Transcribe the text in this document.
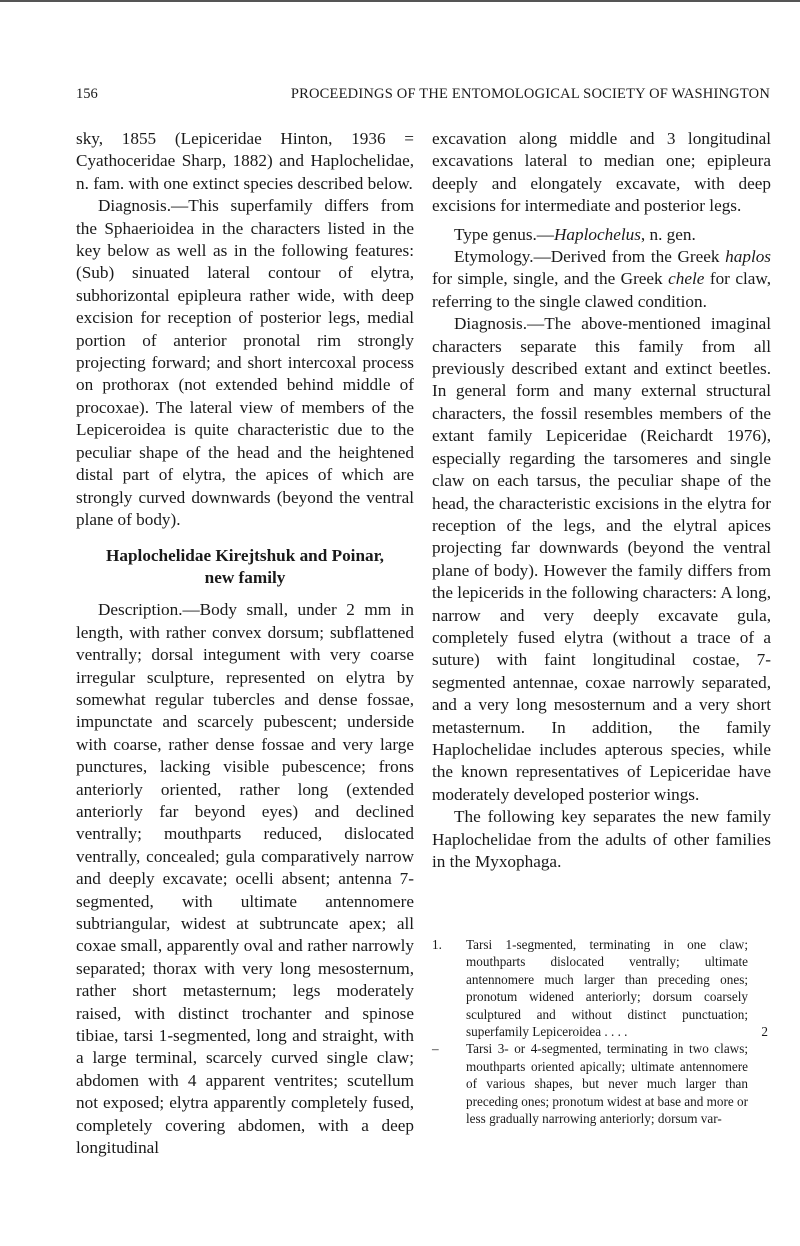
156	PROCEEDINGS OF THE ENTOMOLOGICAL SOCIETY OF WASHINGTON

sky, 1855 (Lepiceridae Hinton, 1936 = Cyathoceridae Sharp, 1882) and Haplochelidae, n. fam. with one extinct species described below.

Diagnosis.—This superfamily differs from the Sphaerioidea in the characters listed in the key below as well as in the following features: (Sub) sinuated lateral contour of elytra, subhorizontal epipleura rather wide, with deep excision for reception of posterior legs, medial portion of anterior pronotal rim strongly projecting forward; and short intercoxal process on prothorax (not extended behind middle of procoxae). The lateral view of members of the Lepiceroidea is quite characteristic due to the peculiar shape of the head and the heightened distal part of elytra, the apices of which are strongly curved downwards (beyond the ventral plane of body).

Haplochelidae Kirejtshuk and Poinar,
new family

Description.—Body small, under 2 mm in length, with rather convex dorsum; subflattened ventrally; dorsal integument with very coarse irregular sculpture, represented on elytra by somewhat regular tubercles and dense fossae, impunctate and scarcely pubescent; underside with coarse, rather dense fossae and very large punctures, lacking visible pubescence; frons anteriorly oriented, rather long (extended anteriorly far beyond eyes) and declined ventrally; mouthparts reduced, dislocated ventrally, concealed; gula comparatively narrow and deeply excavate; ocelli absent; antenna 7-segmented, with ultimate antennomere subtriangular, widest at subtruncate apex; all coxae small, apparently oval and rather narrowly separated; thorax with very long mesosternum, rather short metasternum; legs moderately raised, with distinct trochanter and spinose tibiae, tarsi 1-segmented, long and straight, with a large terminal, scarcely curved single claw; abdomen with 4 apparent ventrites; scutellum not exposed; elytra apparently completely fused, completely covering abdomen, with a deep longitudinal

excavation along middle and 3 longitudinal excavations lateral to median one; epipleura deeply and elongately excavate, with deep excisions for intermediate and posterior legs.

Type genus.—Haplochelus, n. gen.

Etymology.—Derived from the Greek haplos for simple, single, and the Greek chele for claw, referring to the single clawed condition.

Diagnosis.—The above-mentioned imaginal characters separate this family from all previously described extant and extinct beetles. In general form and many external structural characters, the fossil resembles members of the extant family Lepiceridae (Reichardt 1976), especially regarding the tarsomeres and single claw on each tarsus, the peculiar shape of the head, the characteristic excisions in the elytra for reception of the legs, and the elytral apices projecting far downwards (beyond the ventral plane of body). However the family differs from the lepicerids in the following characters: A long, narrow and very deeply excavate gula, completely fused elytra (without a trace of a suture) with faint longitudinal costae, 7-segmented antennae, coxae narrowly separated, and a very long mesosternum and a very short metasternum. In addition, the family Haplochelidae includes apterous species, while the known representatives of Lepiceridae have moderately developed posterior wings.

The following key separates the new family Haplochelidae from the adults of other families in the Myxophaga.

1. Tarsi 1-segmented, terminating in one claw; mouthparts dislocated ventrally; ultimate antennomere much larger than preceding ones; pronotum widened anteriorly; dorsum coarsely sculptured and without distinct punctuation; superfamily Lepiceroidea . . . .	2
– Tarsi 3- or 4-segmented, terminating in two claws; mouthparts oriented apically; ultimate antennomere of various shapes, but never much larger than preceding ones; pronotum widest at base and more or less gradually narrowing anteriorly; dorsum var-
